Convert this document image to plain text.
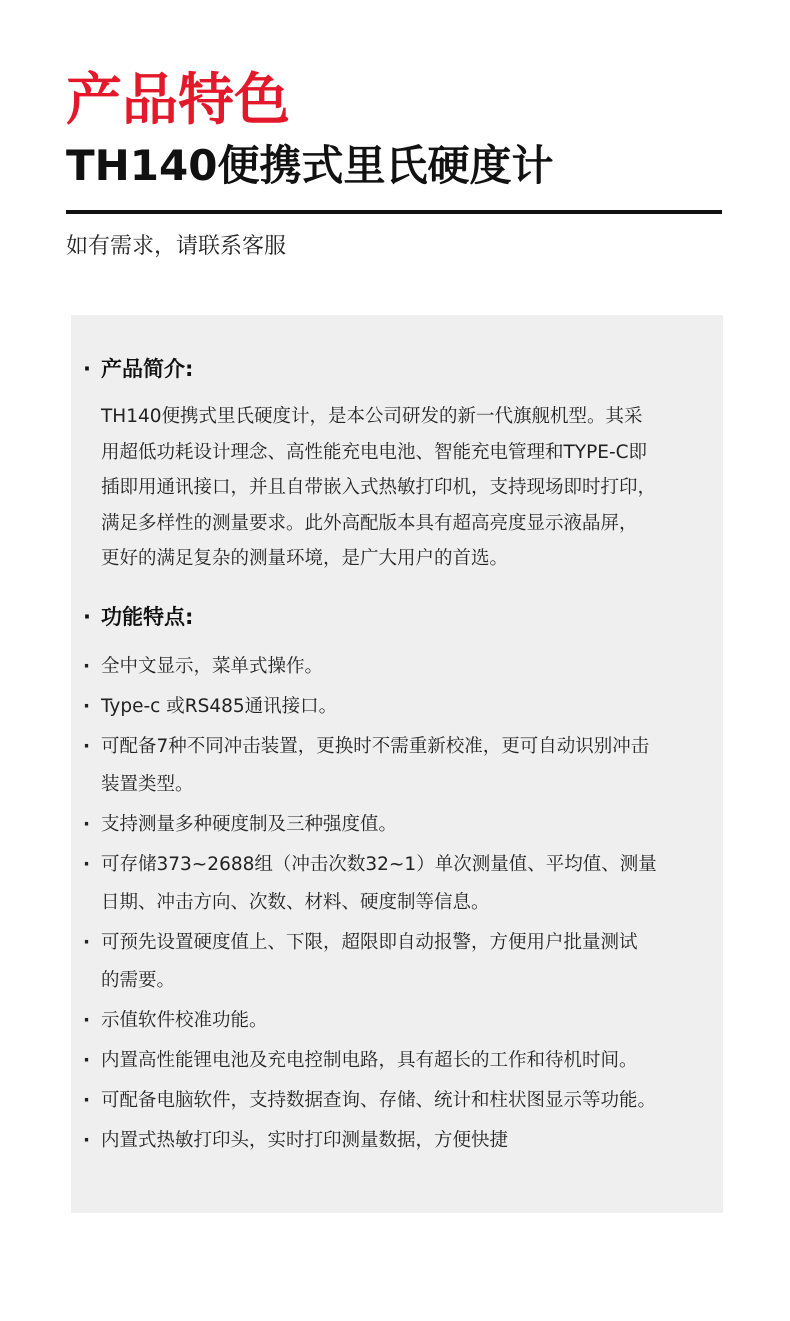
产品特色
TH140便携式里氏硬度计
如有需求，请联系客服
· 产品简介:

TH140便携式里氏硬度计，是本公司研发的新一代旗舰机型。其采

用超低功耗设计理念、高性能充电电池、智能充电管理和TYPE-C即

插即用通讯接口，并且自带嵌入式热敏打印机，支持现场即时打印，

满足多样性的测量要求。此外高配版本具有超高亮度显示液晶屏，

更好的满足复杂的测量环境，是广大用户的首选。

· 功能特点:
· 全中文显示，菜单式操作。
· Type-c 或RS485通讯接口。
· 可配备7种不同冲击装置，更换时不需重新校准，更可自动识别冲击
装置类型。
· 支持测量多种硬度制及三种强度值。
· 可存储373~2688组（冲击次数32~1）单次测量值、平均值、测量
日期、冲击方向、次数、材料、硬度制等信息。
· 可预先设置硬度值上、下限，超限即自动报警，方便用户批量测试
的需要。
· 示值软件校准功能。
· 内置高性能锂电池及充电控制电路，具有超长的工作和待机时间。
· 可配备电脑软件，支持数据查询、存储、统计和柱状图显示等功能。
· 内置式热敏打印头，实时打印测量数据，方便快捷
